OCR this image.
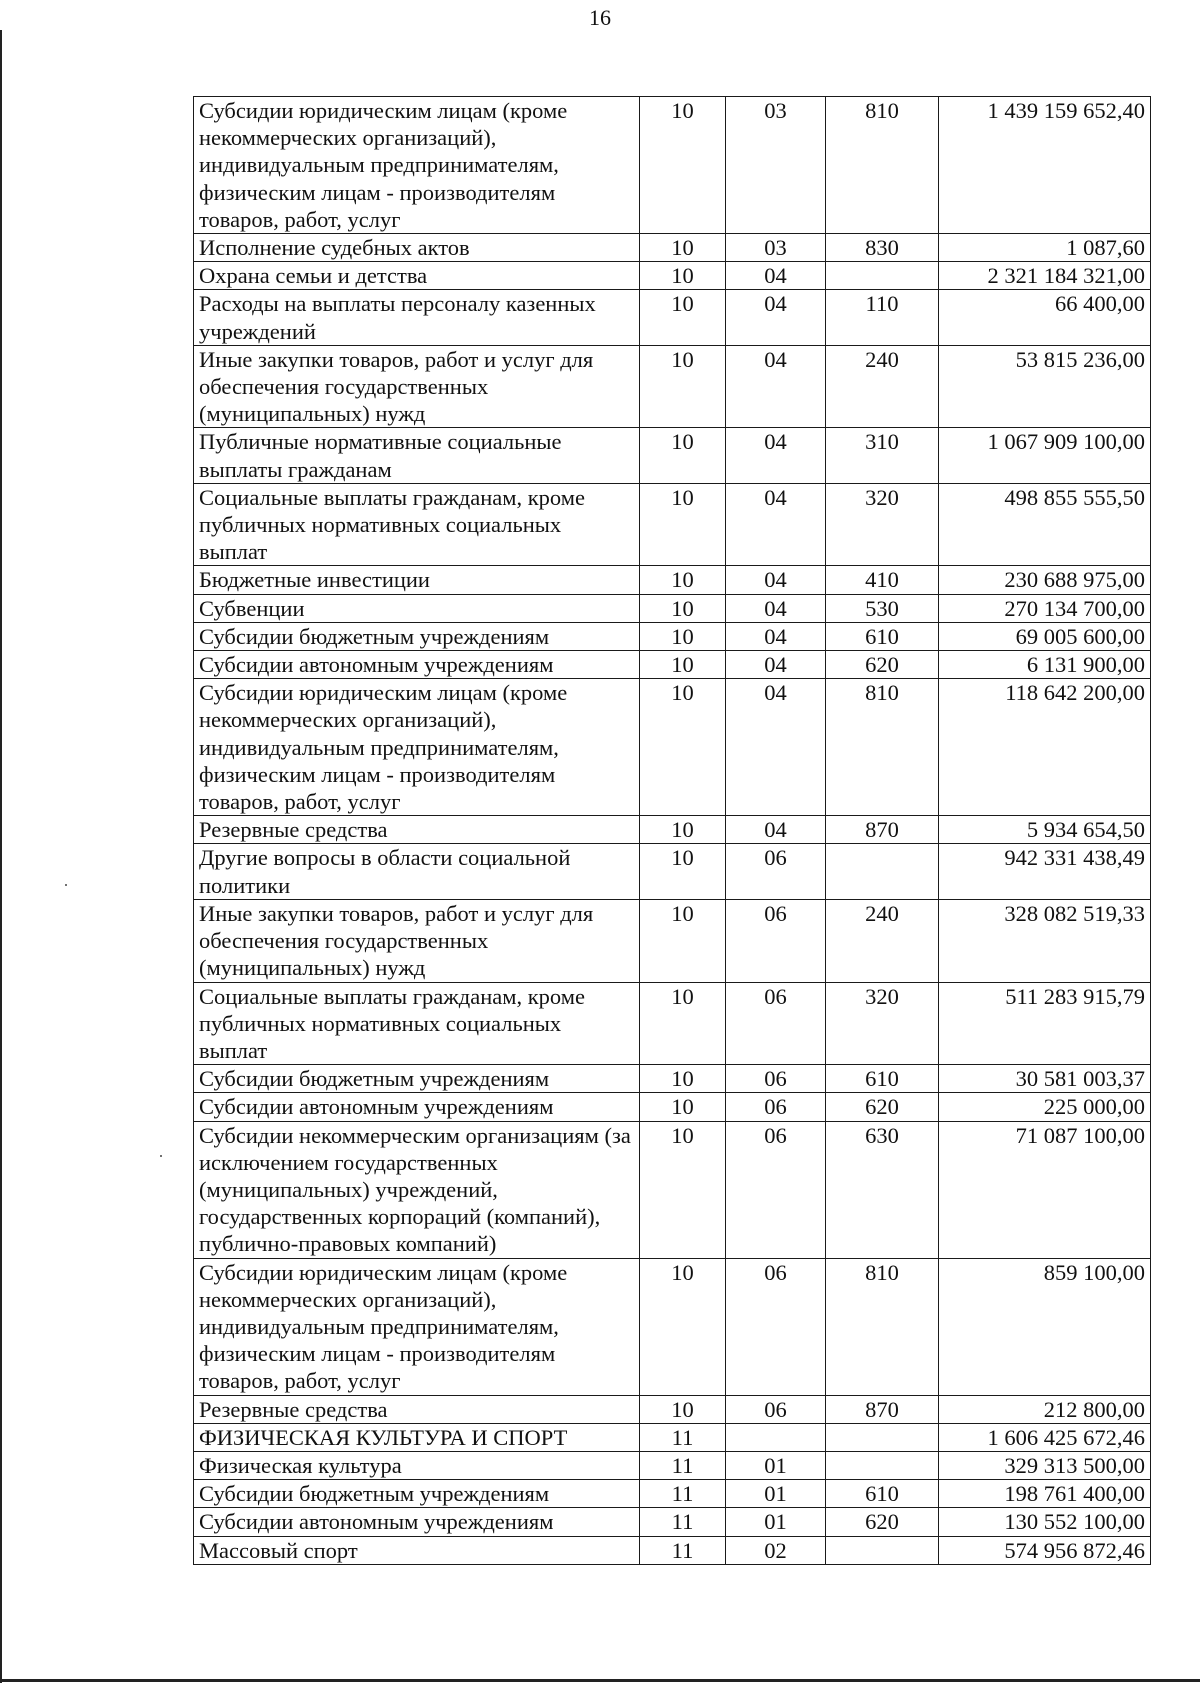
16
Субсидии юридическим лицам (кроме некоммерческих организаций), индивидуальным предпринимателям, физическим лицам - производителям товаров, работ, услуг	10	03	810	1 439 159 652,40
Исполнение судебных актов	10	03	830	1 087,60
Охрана семьи и детства	10	04		2 321 184 321,00
Расходы на выплаты персоналу казенных учреждений	10	04	110	66 400,00
Иные закупки товаров, работ и услуг для обеспечения государственных (муниципальных) нужд	10	04	240	53 815 236,00
Публичные нормативные социальные выплаты гражданам	10	04	310	1 067 909 100,00
Социальные выплаты гражданам, кроме публичных нормативных социальных выплат	10	04	320	498 855 555,50
Бюджетные инвестиции	10	04	410	230 688 975,00
Субвенции	10	04	530	270 134 700,00
Субсидии бюджетным учреждениям	10	04	610	69 005 600,00
Субсидии автономным учреждениям	10	04	620	6 131 900,00
Субсидии юридическим лицам (кроме некоммерческих организаций), индивидуальным предпринимателям, физическим лицам - производителям товаров, работ, услуг	10	04	810	118 642 200,00
Резервные средства	10	04	870	5 934 654,50
Другие вопросы в области социальной политики	10	06		942 331 438,49
Иные закупки товаров, работ и услуг для обеспечения государственных (муниципальных) нужд	10	06	240	328 082 519,33
Социальные выплаты гражданам, кроме публичных нормативных социальных выплат	10	06	320	511 283 915,79
Субсидии бюджетным учреждениям	10	06	610	30 581 003,37
Субсидии автономным учреждениям	10	06	620	225 000,00
Субсидии некоммерческим организациям (за исключением государственных (муниципальных) учреждений, государственных корпораций (компаний), публично-правовых компаний)	10	06	630	71 087 100,00
Субсидии юридическим лицам (кроме некоммерческих организаций), индивидуальным предпринимателям, физическим лицам - производителям товаров, работ, услуг	10	06	810	859 100,00
Резервные средства	10	06	870	212 800,00
ФИЗИЧЕСКАЯ КУЛЬТУРА И СПОРТ	11			1 606 425 672,46
Физическая культура	11	01		329 313 500,00
Субсидии бюджетным учреждениям	11	01	610	198 761 400,00
Субсидии автономным учреждениям	11	01	620	130 552 100,00
Массовый спорт	11	02		574 956 872,46
